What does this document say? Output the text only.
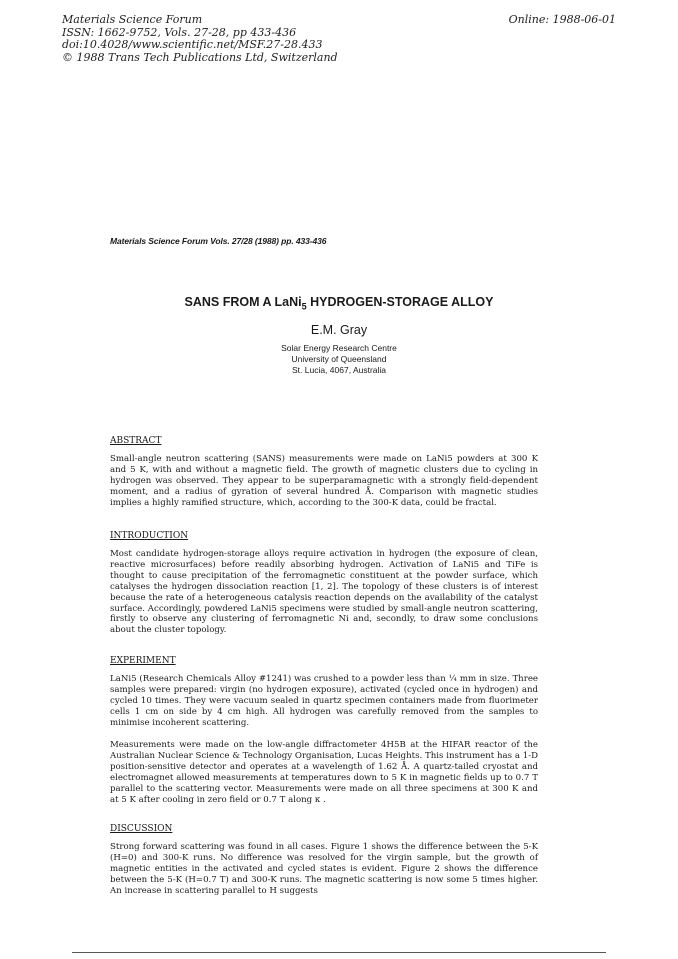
Materials Science Forum
ISSN: 1662-9752, Vols. 27-28, pp 433-436
doi:10.4028/www.scientific.net/MSF.27-28.433
© 1988 Trans Tech Publications Ltd, Switzerland
Online: 1988-06-01
Materials Science Forum Vols. 27/28 (1988) pp. 433-436
SANS FROM A LaNi$_5$ HYDROGEN-STORAGE ALLOY
E.M. Gray
Solar Energy Research Centre
University of Queensland
St. Lucia, 4067, Australia
ABSTRACT
Small-angle neutron scattering (SANS) measurements were made on LaNi5 powders at 300 K and 5 K, with and without a magnetic field. The growth of magnetic clusters due to cycling in hydrogen was observed. They appear to be superparamagnetic with a strongly field-dependent moment, and a radius of gyration of several hundred Å. Comparison with magnetic studies implies a highly ramified structure, which, according to the 300-K data, could be fractal.
INTRODUCTION
Most candidate hydrogen-storage alloys require activation in hydrogen (the exposure of clean, reactive microsurfaces) before readily absorbing hydrogen. Activation of LaNi5 and TiFe is thought to cause precipitation of the ferromagnetic constituent at the powder surface, which catalyses the hydrogen dissociation reaction [1, 2]. The topology of these clusters is of interest because the rate of a heterogeneous catalysis reaction depends on the availability of the catalyst surface. Accordingly, powdered LaNi5 specimens were studied by small-angle neutron scattering, firstly to observe any clustering of ferromagnetic Ni and, secondly, to draw some conclusions about the cluster topology.
EXPERIMENT
LaNi5 (Research Chemicals Alloy #1241) was crushed to a powder less than ¼ mm in size. Three samples were prepared: virgin (no hydrogen exposure), activated (cycled once in hydrogen) and cycled 10 times. They were vacuum sealed in quartz specimen containers made from fluorimeter cells 1 cm on side by 4 cm high. All hydrogen was carefully removed from the samples to minimise incoherent scattering.
Measurements were made on the low-angle diffractometer 4H5B at the HIFAR reactor of the Australian Nuclear Science & Technology Organisation, Lucas Heights. This instrument has a 1-D position-sensitive detector and operates at a wavelength of 1.62 Å. A quartz-tailed cryostat and electromagnet allowed measurements at temperatures down to 5 K in magnetic fields up to 0.7 T parallel to the scattering vector. Measurements were made on all three specimens at 300 K and at 5 K after cooling in zero field or 0.7 T along κ .
DISCUSSION
Strong forward scattering was found in all cases. Figure 1 shows the difference between the 5-K (H=0) and 300-K runs. No difference was resolved for the virgin sample, but the growth of magnetic entities in the activated and cycled states is evident. Figure 2 shows the difference between the 5-K (H=0.7 T) and 300-K runs. The magnetic scattering is now some 5 times higher. An increase in scattering parallel to H suggests
